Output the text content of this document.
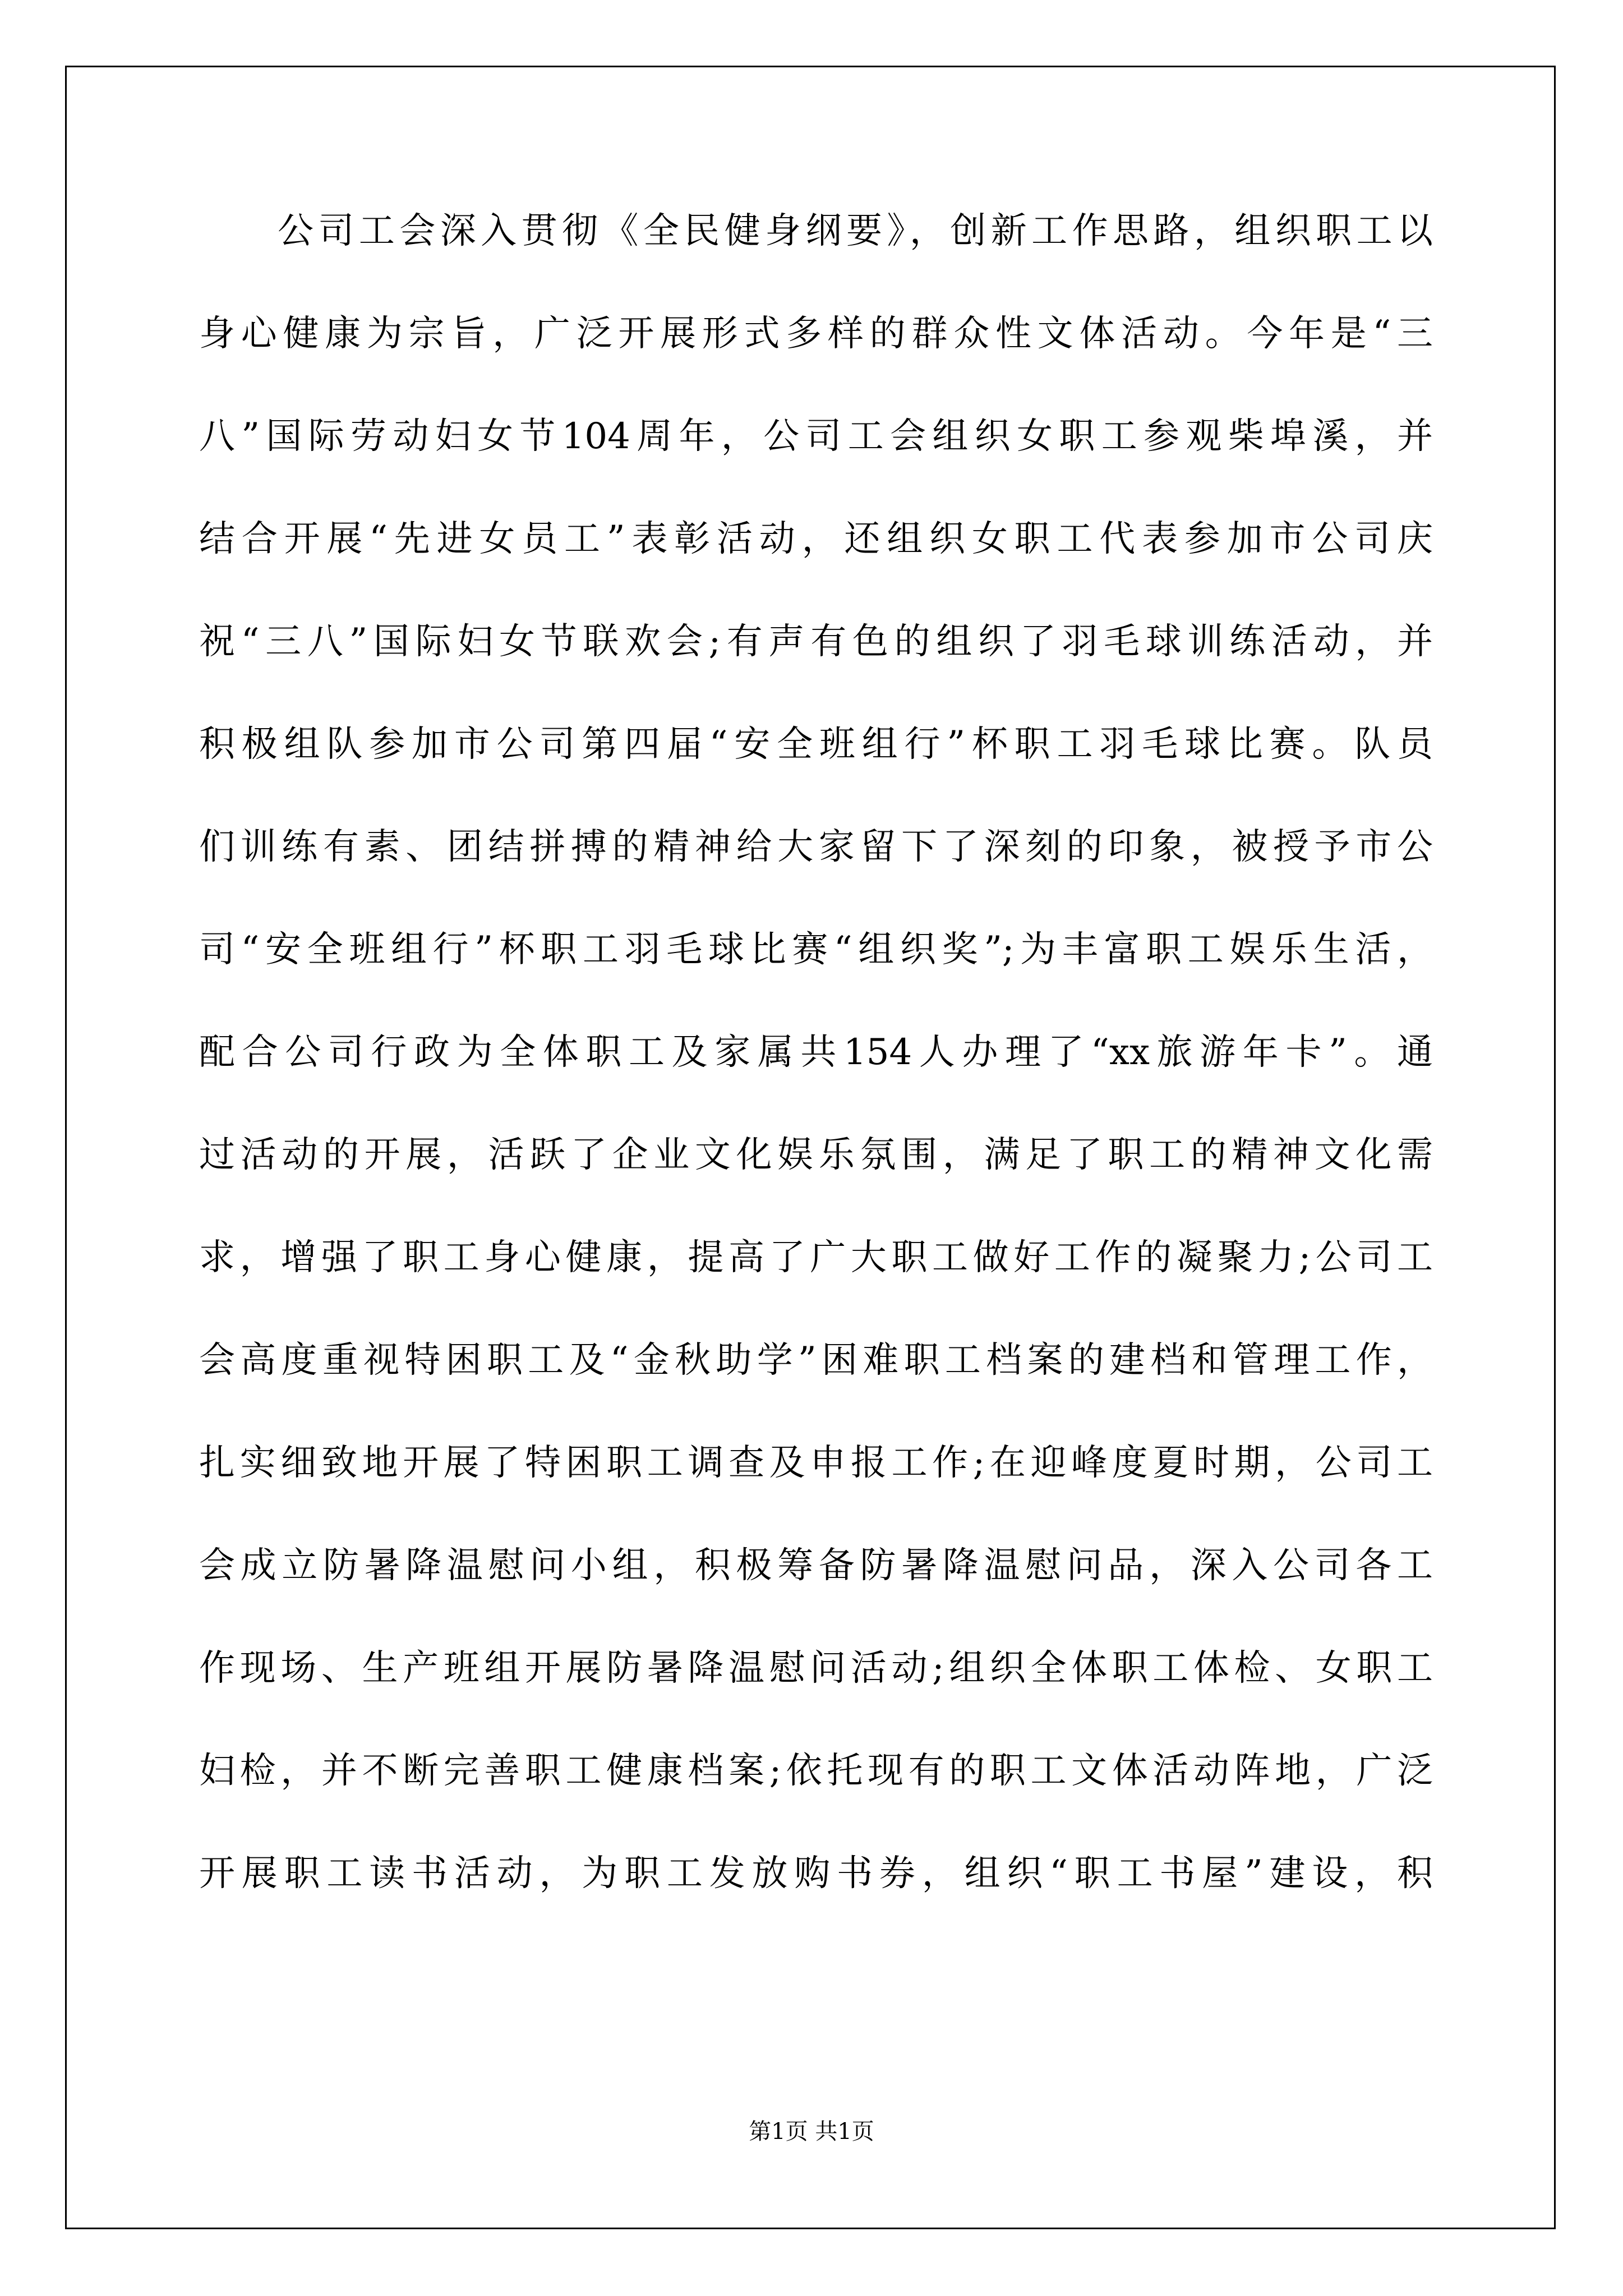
公司工会深入贯彻《全民健身纲要》，创新工作思路，组织职工以
身心健康为宗旨，广泛开展形式多样的群众性文体活动。今年是“三
八”国际劳动妇女节104周年，公司工会组织女职工参观柴埠溪，并
结合开展“先进女员工”表彰活动，还组织女职工代表参加市公司庆
祝“三八”国际妇女节联欢会;有声有色的组织了羽毛球训练活动，并
积极组队参加市公司第四届“安全班组行”杯职工羽毛球比赛。队员
们训练有素、团结拼搏的精神给大家留下了深刻的印象，被授予市公
司“安全班组行”杯职工羽毛球比赛“组织奖”;为丰富职工娱乐生活，
配合公司行政为全体职工及家属共154人办理了“xx旅游年卡”。通
过活动的开展，活跃了企业文化娱乐氛围，满足了职工的精神文化需
求，增强了职工身心健康，提高了广大职工做好工作的凝聚力;公司工
会高度重视特困职工及“金秋助学”困难职工档案的建档和管理工作，
扎实细致地开展了特困职工调查及申报工作;在迎峰度夏时期，公司工
会成立防暑降温慰问小组，积极筹备防暑降温慰问品，深入公司各工
作现场、生产班组开展防暑降温慰问活动;组织全体职工体检、女职工
妇检，并不断完善职工健康档案;依托现有的职工文体活动阵地，广泛
开展职工读书活动，为职工发放购书券，组织“职工书屋”建设，积
第1页 共1页
